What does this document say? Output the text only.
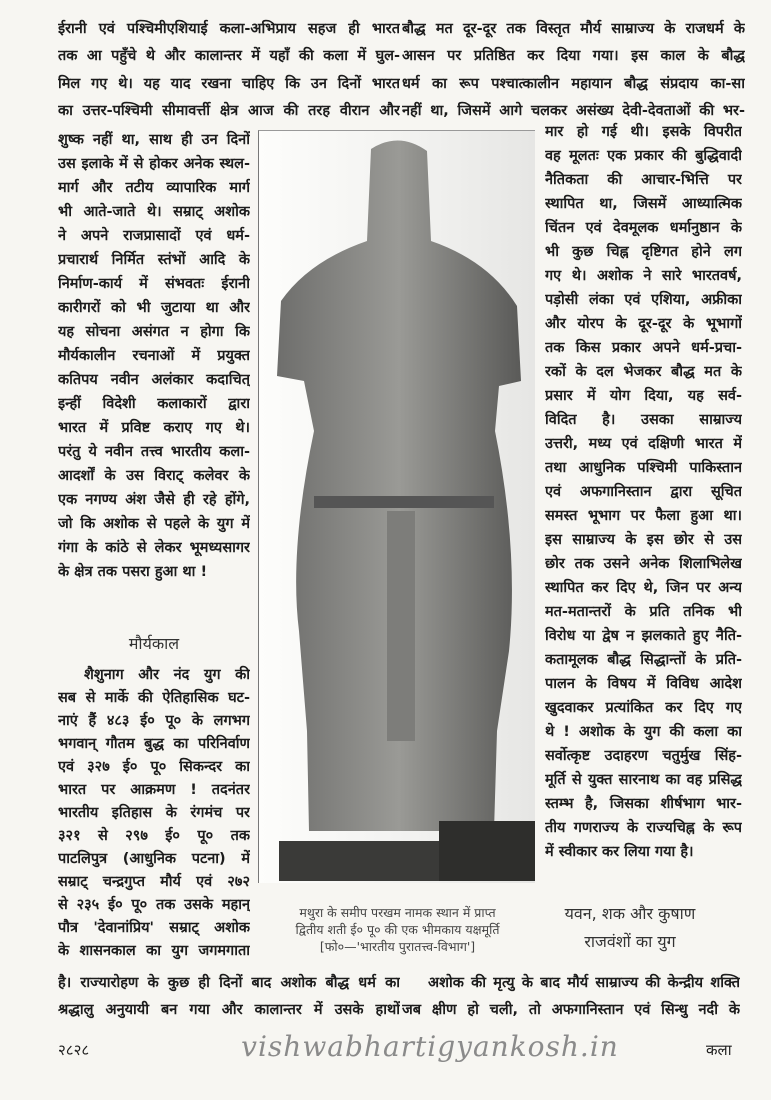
ईरानी एवं पश्चिमीएशियाई कला-अभिप्राय सहज ही भारत
तक आ पहुँचे थे और कालान्तर में यहाँ की कला में घुल-
मिल गए थे। यह याद रखना चाहिए कि उन दिनों भारत
का उत्तर-पश्चिमी सीमावर्त्ती क्षेत्र आज की तरह वीरान और
शुष्क नहीं था, साथ ही उन दिनों
उस इलाके में से होकर अनेक स्थल-
मार्ग और तटीय व्यापारिक मार्ग
भी आते-जाते थे। सम्राट् अशोक
ने अपने राजप्रासादों एवं धर्म-
प्रचारार्थ निर्मित स्तंभों आदि के
निर्माण-कार्य में संभवतः ईरानी
कारीगरों को भी जुटाया था और
यह सोचना असंगत न होगा कि
मौर्यकालीन रचनाओं में प्रयुक्त
कतिपय नवीन अलंकार कदाचित्
इन्हीं विदेशी कलाकारों द्वारा
भारत में प्रविष्ट कराए गए थे।
परंतु ये नवीन तत्त्व भारतीय कला-
आदर्शों के उस विराट् कलेवर के
एक नगण्य अंश जैसे ही रहे होंगे,
जो कि अशोक से पहले के युग में
गंगा के कांठे से लेकर भूमध्यसागर
के क्षेत्र तक पसरा हुआ था !
मौर्यकाल
शैशुनाग और नंद युग की
सब से मार्के की ऐतिहासिक घट-
नाएं हैं ४८३ ई० पू० के लगभग
भगवान् गौतम बुद्ध का परिनिर्वाण
एवं ३२७ ई० पू० सिकन्दर का
भारत पर आक्रमण ! तदनंतर
भारतीय इतिहास के रंगमंच पर
३२१ से २९७ ई० पू० तक
पाटलिपुत्र (आधुनिक पटना) में
सम्राट् चन्द्रगुप्त मौर्य एवं २७२
से २३५ ई० पू० तक उसके महान्
पौत्र 'देवानांप्रिय' सम्राट् अशोक
के शासनकाल का युग जगमगाता
है। राज्यारोहण के कुछ ही दिनों बाद अशोक बौद्ध धर्म का
श्रद्धालु अनुयायी बन गया और कालान्तर में उसके हाथों
बौद्ध मत दूर-दूर तक विस्तृत मौर्य साम्राज्य के राजधर्म के
आसन पर प्रतिष्ठित कर दिया गया। इस काल के बौद्ध
धर्म का रूप पश्चात्कालीन महायान बौद्ध संप्रदाय का-सा
नहीं था, जिसमें आगे चलकर असंख्य देवी-देवताओं की भर-
मार हो गई थी। इसके विपरीत
वह मूलतः एक प्रकार की बुद्धिवादी
नैतिकता की आचार-भित्ति पर
स्थापित था, जिसमें आध्यात्मिक
चिंतन एवं देवमूलक धर्मानुष्ठान के
भी कुछ चिह्न दृष्टिगत होने लग
गए थे। अशोक ने सारे भारतवर्ष,
पड़ोसी लंका एवं एशिया, अफ्रीका
और योरप के दूर-दूर के भूभागों
तक किस प्रकार अपने धर्म-प्रचा-
रकों के दल भेजकर बौद्ध मत के
प्रसार में योग दिया, यह सर्व-
विदित है। उसका साम्राज्य
उत्तरी, मध्य एवं दक्षिणी भारत में
तथा आधुनिक पश्चिमी पाकिस्तान
एवं अफगानिस्तान द्वारा सूचित
समस्त भूभाग पर फैला हुआ था।
इस साम्राज्य के इस छोर से उस
छोर तक उसने अनेक शिलाभिलेख
स्थापित कर दिए थे, जिन पर अन्य
मत-मतान्तरों के प्रति तनिक भी
विरोध या द्वेष न झलकाते हुए नैति-
कतामूलक बौद्ध सिद्धान्तों के प्रति-
पालन के विषय में विविध आदेश
खुदवाकर प्रत्यांकित कर दिए गए
थे ! अशोक के युग की कला का
सर्वोत्कृष्ट उदाहरण चतुर्मुख सिंह-
मूर्ति से युक्त सारनाथ का वह प्रसिद्ध
स्तम्भ है, जिसका शीर्षभाग भार-
तीय गणराज्य के राज्यचिह्न के रूप
में स्वीकार कर लिया गया है।
यवन, शक और कुषाण
राजवंशों का युग
अशोक की मृत्यु के बाद मौर्य साम्राज्य की केन्द्रीय शक्ति
जब क्षीण हो चली, तो अफगानिस्तान एवं सिन्धु नदी के
मथुरा के समीप परखम नामक स्थान में प्राप्त
द्वितीय शती ई० पू० की एक भीमकाय यक्षमूर्ति
[फो०—'भारतीय पुरातत्त्व-विभाग']
२८२८	vishwabhartigyankosh.in	कला
